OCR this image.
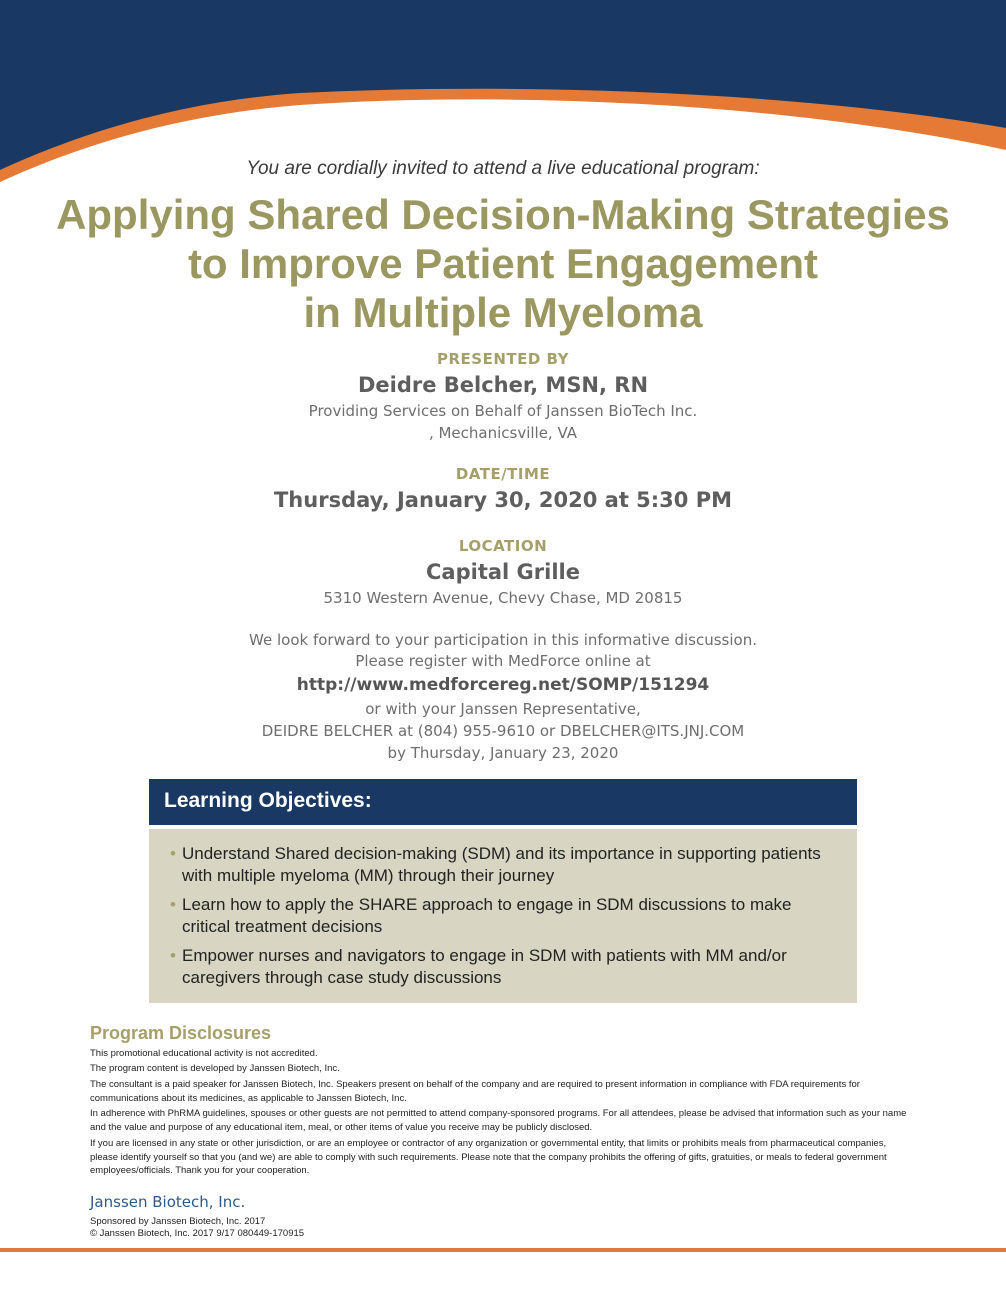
You are cordially invited to attend a live educational program:
Applying Shared Decision-Making Strategies
to Improve Patient Engagement
in Multiple Myeloma
PRESENTED BY
Deidre Belcher, MSN, RN
Providing Services on Behalf of Janssen BioTech Inc.
, Mechanicsville, VA
DATE/TIME
Thursday, January 30, 2020 at 5:30 PM
LOCATION
Capital Grille
5310 Western Avenue, Chevy Chase, MD 20815
We look forward to your participation in this informative discussion.
Please register with MedForce online at
http://www.medforcereg.net/SOMP/151294
or with your Janssen Representative,
DEIDRE BELCHER at (804) 955-9610 or DBELCHER@ITS.JNJ.COM
by Thursday, January 23, 2020
Learning Objectives:
• Understand Shared decision-making (SDM) and its importance in supporting patients
with multiple myeloma (MM) through their journey
• Learn how to apply the SHARE approach to engage in SDM discussions to make
critical treatment decisions
• Empower nurses and navigators to engage in SDM with patients with MM and/or
caregivers through case study discussions
Program Disclosures
This promotional educational activity is not accredited.
The program content is developed by Janssen Biotech, Inc.
The consultant is a paid speaker for Janssen Biotech, Inc. Speakers present on behalf of the company and are required to present information in compliance with FDA requirements for communications about its medicines, as applicable to Janssen Biotech, Inc.
In adherence with PhRMA guidelines, spouses or other guests are not permitted to attend company-sponsored programs. For all attendees, please be advised that information such as your name and the value and purpose of any educational item, meal, or other items of value you receive may be publicly disclosed.
If you are licensed in any state or other jurisdiction, or are an employee or contractor of any organization or governmental entity, that limits or prohibits meals from pharmaceutical companies, please identify yourself so that you (and we) are able to comply with such requirements. Please note that the company prohibits the offering of gifts, gratuities, or meals to federal government employees/officials. Thank you for your cooperation.
Janssen Biotech, Inc.
Sponsored by Janssen Biotech, Inc. 2017
© Janssen Biotech, Inc. 2017 9/17 080449-170915
